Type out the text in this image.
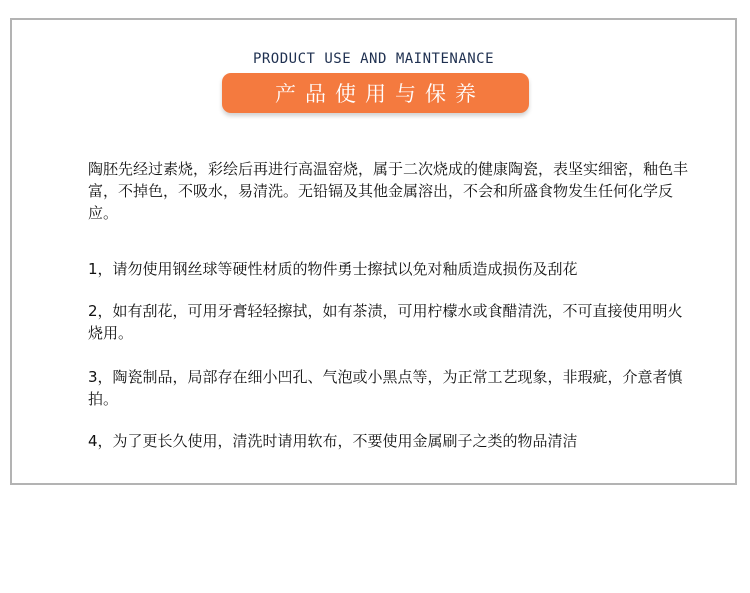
PRODUCT USE AND MAINTENANCE
产品使用与保养

陶胚先经过素烧，彩绘后再进行高温窑烧，属于二次烧成的健康陶瓷，表坚实细密，釉色丰富，不掉色，不吸水，易清洗。无铅镉及其他金属溶出，不会和所盛食物发生任何化学反应。

1，请勿使用钢丝球等硬性材质的物件勇士擦拭以免对釉质造成损伤及刮花

2，如有刮花，可用牙膏轻轻擦拭，如有茶渍，可用柠檬水或食醋清洗，不可直接使用明火烧用。

3，陶瓷制品，局部存在细小凹孔、气泡或小黑点等，为正常工艺现象，非瑕疵，介意者慎拍。

4，为了更长久使用，清洗时请用软布，不要使用金属刷子之类的物品清洁
